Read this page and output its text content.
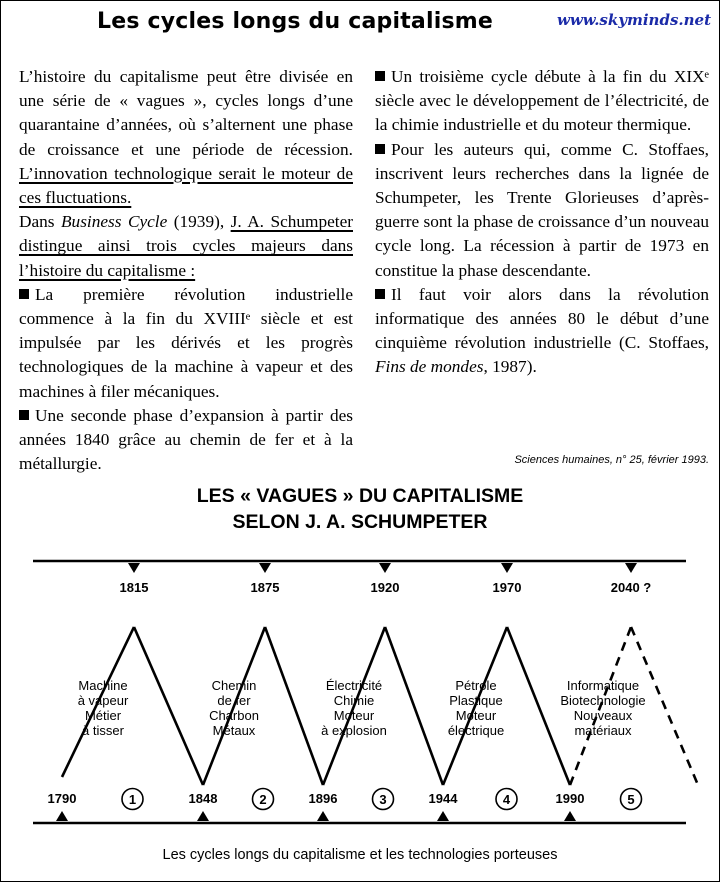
Les cycles longs du capitalisme	www.skyminds.net

L’histoire du capitalisme peut être divisée en une série de « vagues », cycles longs d’une quarantaine d’années, où s’alternent une phase de croissance et une période de récession. L’innovation technologique serait le moteur de ces fluctuations.

Dans Business Cycle (1939), J. A. Schumpeter distingue ainsi trois cycles majeurs dans l’histoire du capitalisme :

La première révolution industrielle commence à la fin du XVIIIᵉ siècle et est impulsée par les dérivés et les progrès technologiques de la machine à vapeur et des machines à filer mécaniques.

Une seconde phase d’expansion à partir des années 1840 grâce au chemin de fer et à la métallurgie.

Un troisième cycle débute à la fin du XIXᵉ siècle avec le développement de l’électricité, de la chimie industrielle et du moteur thermique.

Pour les auteurs qui, comme C. Stoffaes, inscrivent leurs recherches dans la lignée de Schumpeter, les Trente Glorieuses d’après-guerre sont la phase de croissance d’un nouveau cycle long. La récession à partir de 1973 en constitue la phase descendante.

Il faut voir alors dans la révolution informatique des années 80 le début d’une cinquième révolution industrielle (C. Stoffaes, Fins de mondes, 1987).

Sciences humaines, n° 25, février 1993.
LES « VAGUES » DU CAPITALISME
SELON J. A. SCHUMPETER
1790
1815
1848
1875
1896
1920
1944
1970
1990
2040 ?
1
Machine
à vapeur
Métier
à tisser
2
Chemin
de fer
Charbon
Métaux
3
Électricité
Chimie
Moteur
à explosion
4
Pétrole
Plastique
Moteur
électrique
5
Informatique
Biotechnologie
Nouveaux
matériaux
Les cycles longs du capitalisme et les technologies porteuses
